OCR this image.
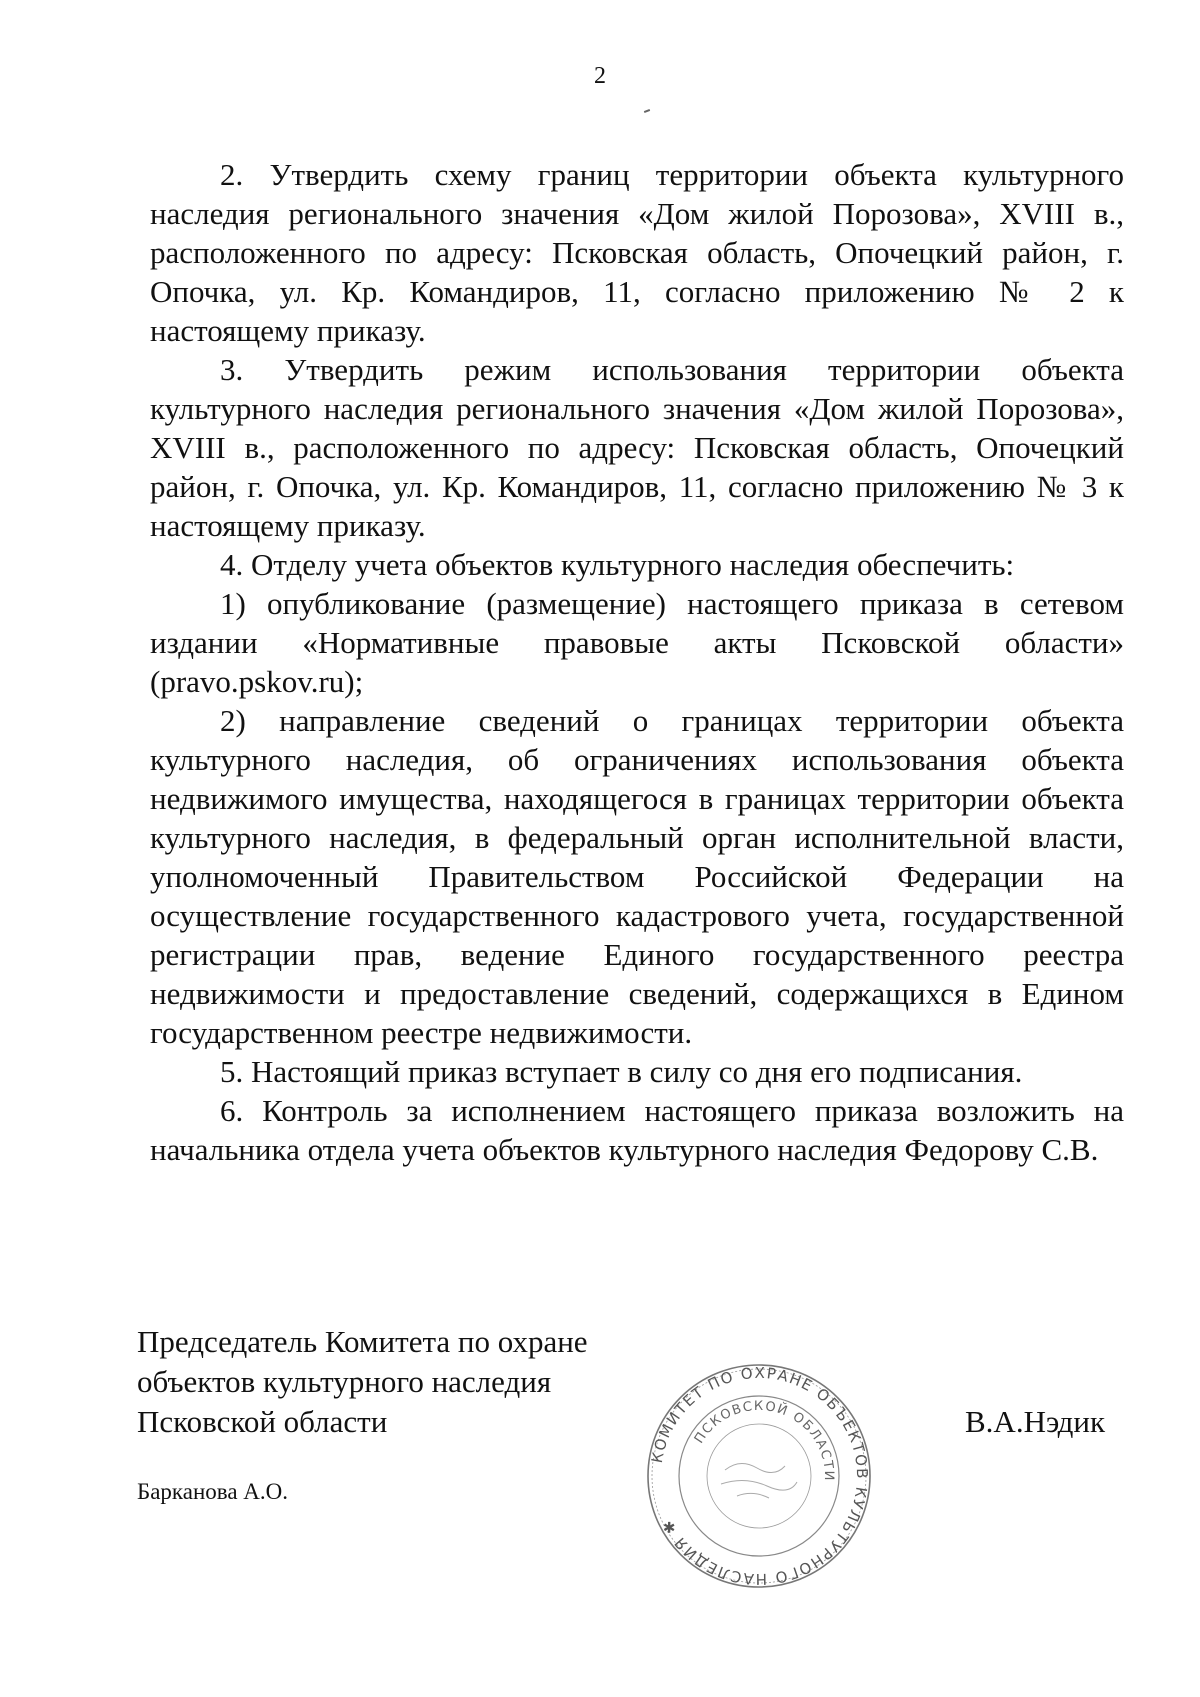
2

2. Утвердить схему границ территории объекта культурного наследия регионального значения «Дом жилой Порозова», XVIII в., расположенного по адресу: Псковская область, Опочецкий район, г. Опочка, ул. Кр. Командиров, 11, согласно приложению № 2 к настоящему приказу.

3. Утвердить режим использования территории объекта культурного наследия регионального значения «Дом жилой Порозова», XVIII в., расположенного по адресу: Псковская область, Опочецкий район, г. Опочка, ул. Кр. Командиров, 11, согласно приложению № 3 к настоящему приказу.

4. Отделу учета объектов культурного наследия обеспечить:

1) опубликование (размещение) настоящего приказа в сетевом издании «Нормативные правовые акты Псковской области» (pravo.pskov.ru);

2) направление сведений о границах территории объекта культурного наследия, об ограничениях использования объекта недвижимого имущества, находящегося в границах территории объекта культурного наследия, в федеральный орган исполнительной власти, уполномоченный Правительством Российской Федерации на осуществление государственного кадастрового учета, государственной регистрации прав, ведение Единого государственного реестра недвижимости и предоставление сведений, содержащихся в Едином государственном реестре недвижимости.

5. Настоящий приказ вступает в силу со дня его подписания.

6. Контроль за исполнением настоящего приказа возложить на начальника отдела учета объектов культурного наследия Федорову С.В.

Председатель Комитета по охране
объектов культурного наследия
Псковской области
КОМИТЕТ ПО ОХРАНЕ ОБЪЕКТОВ КУЛЬТУРНОГО НАСЛЕДИЯ ✱
ПСКОВСКОЙ ОБЛАСТИ
В.А.Нэдик
Барканова А.О.
